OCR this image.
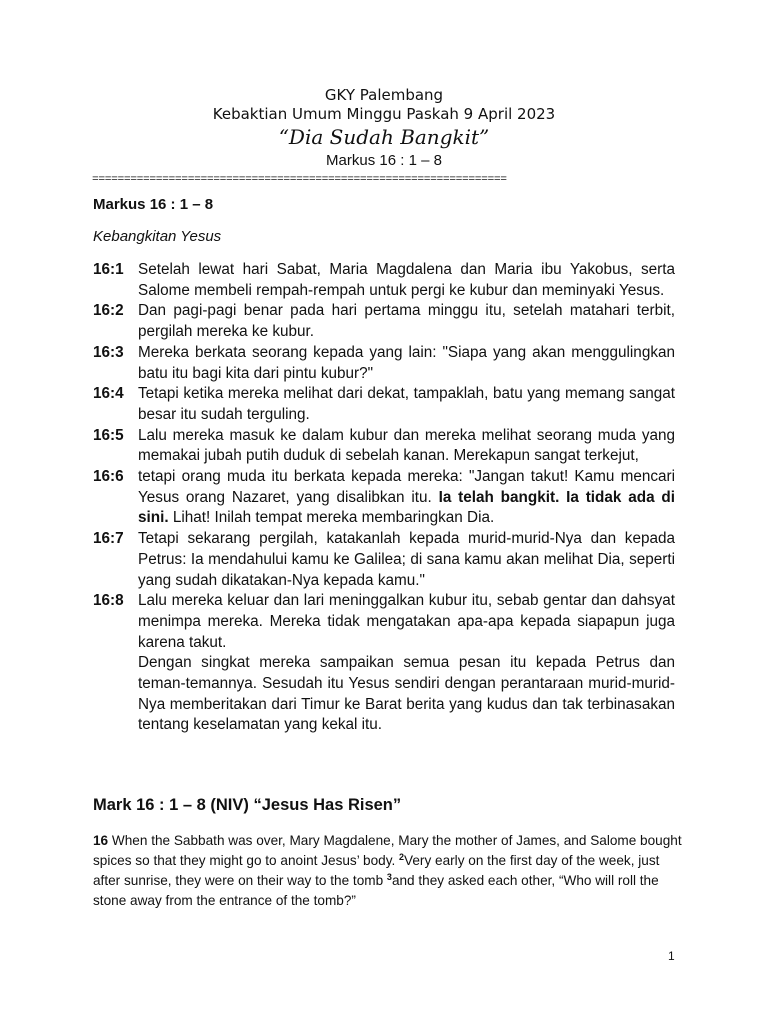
GKY Palembang
Kebaktian Umum Minggu Paskah 9 April 2023
“Dia Sudah Bangkit”
Markus 16 : 1 – 8
=================================================================
Markus 16 : 1 – 8
Kebangkitan Yesus
16:1 Setelah lewat hari Sabat, Maria Magdalena dan Maria ibu Yakobus, serta Salome membeli rempah-rempah untuk pergi ke kubur dan meminyaki Yesus.
16:2 Dan pagi-pagi benar pada hari pertama minggu itu, setelah matahari terbit, pergilah mereka ke kubur.
16:3 Mereka berkata seorang kepada yang lain: "Siapa yang akan menggulingkan batu itu bagi kita dari pintu kubur?"
16:4 Tetapi ketika mereka melihat dari dekat, tampaklah, batu yang memang sangat besar itu sudah terguling.
16:5 Lalu mereka masuk ke dalam kubur dan mereka melihat seorang muda yang memakai jubah putih duduk di sebelah kanan. Merekapun sangat terkejut,
16:6 tetapi orang muda itu berkata kepada mereka: "Jangan takut! Kamu mencari Yesus orang Nazaret, yang disalibkan itu. Ia telah bangkit. Ia tidak ada di sini. Lihat! Inilah tempat mereka membaringkan Dia.
16:7 Tetapi sekarang pergilah, katakanlah kepada murid-murid-Nya dan kepada Petrus: Ia mendahului kamu ke Galilea; di sana kamu akan melihat Dia, seperti yang sudah dikatakan-Nya kepada kamu."
16:8 Lalu mereka keluar dan lari meninggalkan kubur itu, sebab gentar dan dahsyat menimpa mereka. Mereka tidak mengatakan apa-apa kepada siapapun juga karena takut.
Dengan singkat mereka sampaikan semua pesan itu kepada Petrus dan teman-temannya. Sesudah itu Yesus sendiri dengan perantaraan murid-murid-Nya memberitakan dari Timur ke Barat berita yang kudus dan tak terbinasakan tentang keselamatan yang kekal itu.
Mark 16 : 1 – 8 (NIV) “Jesus Has Risen”
16 When the Sabbath was over, Mary Magdalene, Mary the mother of James, and Salome bought spices so that they might go to anoint Jesus’ body. $^2$Very early on the first day of the week, just after sunrise, they were on their way to the tomb $^3$and they asked each other, “Who will roll the stone away from the entrance of the tomb?”
1
